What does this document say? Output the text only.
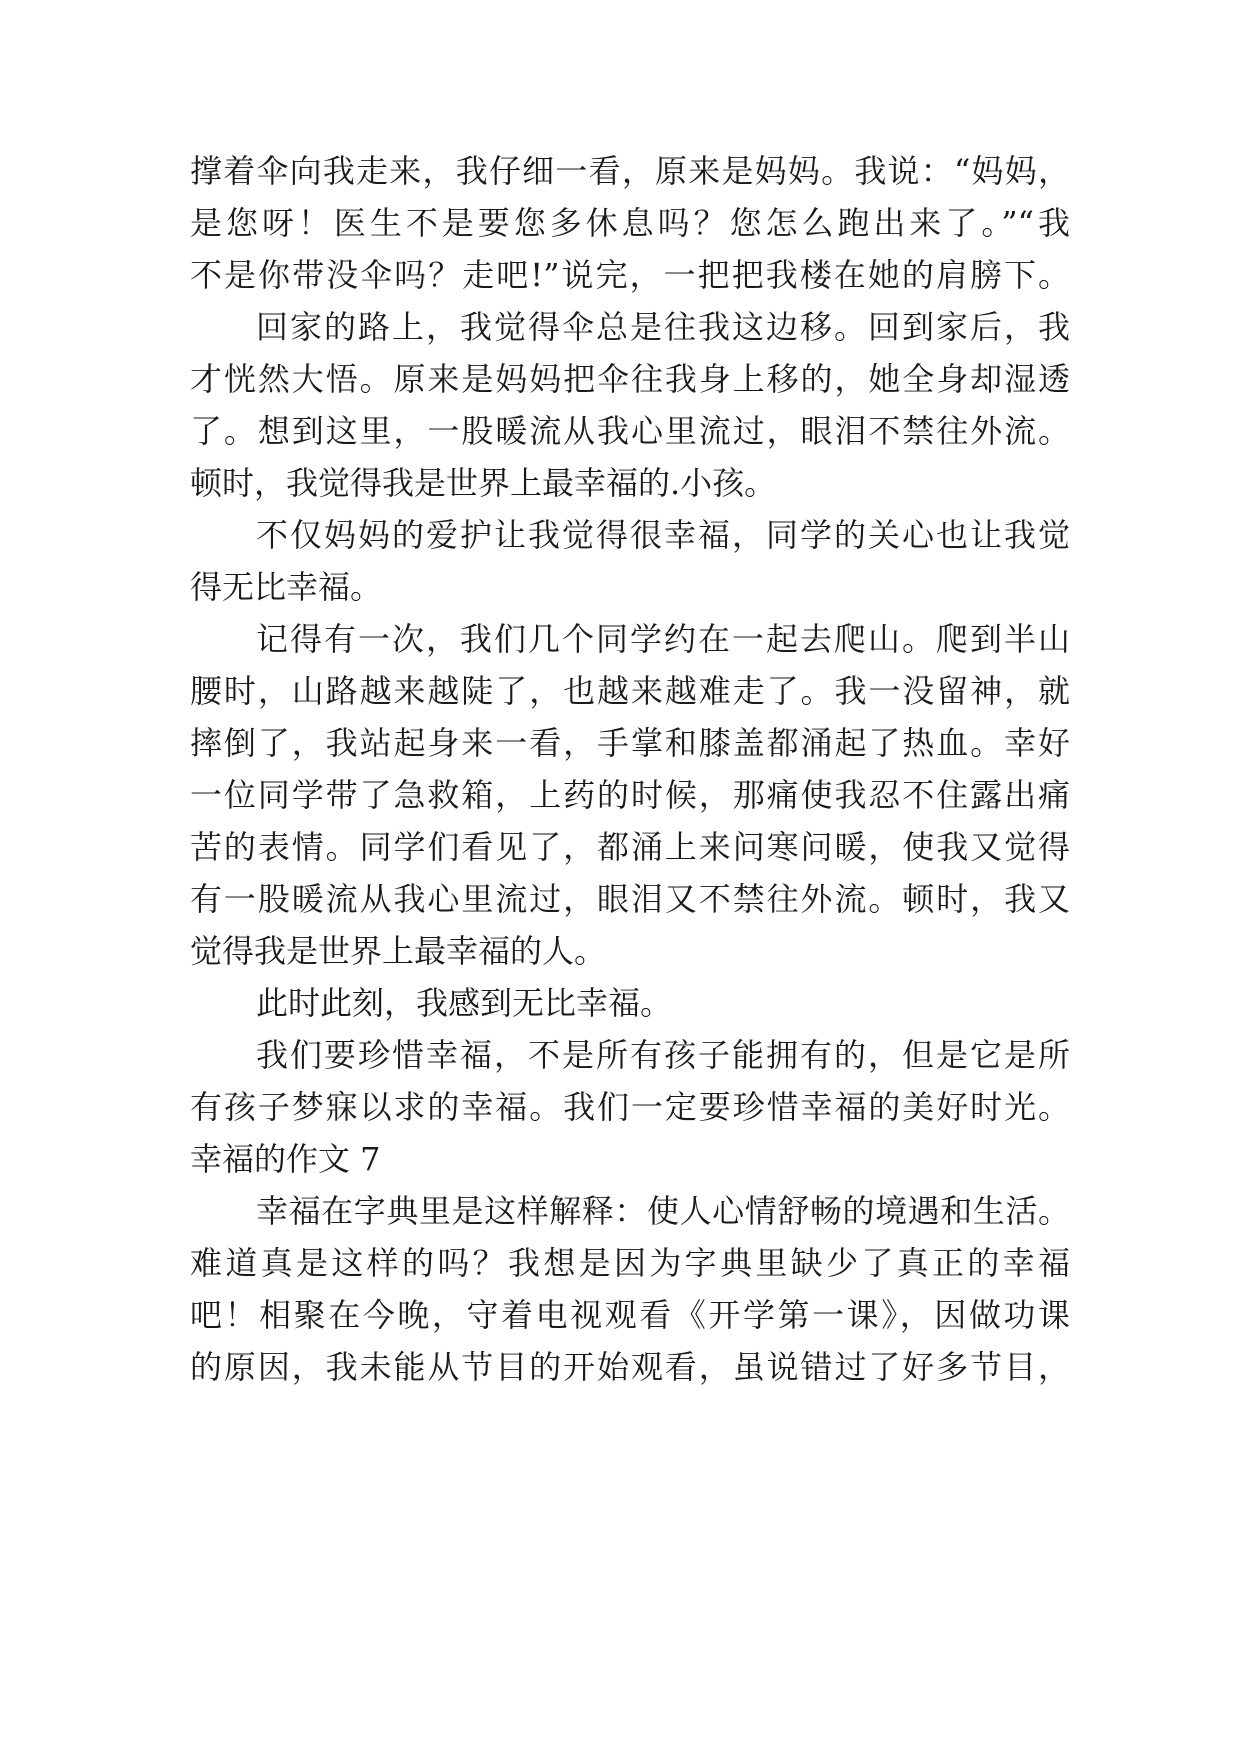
撑着伞向我走来，我仔细一看，原来是妈妈。我说：“妈妈，
是您呀！医生不是要您多休息吗？您怎么跑出来了。”“我
不是你带没伞吗？走吧!”说完，一把把我楼在她的肩膀下。
回家的路上，我觉得伞总是往我这边移。回到家后，我
才恍然大悟。原来是妈妈把伞往我身上移的，她全身却湿透
了。想到这里，一股暖流从我心里流过，眼泪不禁往外流。
顿时，我觉得我是世界上最幸福的.小孩。
不仅妈妈的爱护让我觉得很幸福，同学的关心也让我觉
得无比幸福。
记得有一次，我们几个同学约在一起去爬山。爬到半山
腰时，山路越来越陡了，也越来越难走了。我一没留神，就
摔倒了，我站起身来一看，手掌和膝盖都涌起了热血。幸好
一位同学带了急救箱，上药的时候，那痛使我忍不住露出痛
苦的表情。同学们看见了，都涌上来问寒问暖，使我又觉得
有一股暖流从我心里流过，眼泪又不禁往外流。顿时，我又
觉得我是世界上最幸福的人。
此时此刻，我感到无比幸福。
我们要珍惜幸福，不是所有孩子能拥有的，但是它是所
有孩子梦寐以求的幸福。我们一定要珍惜幸福的美好时光。
幸福的作文 7
幸福在字典里是这样解释：使人心情舒畅的境遇和生活。
难道真是这样的吗？我想是因为字典里缺少了真正的幸福
吧！相聚在今晚，守着电视观看《开学第一课》，因做功课
的原因，我未能从节目的开始观看，虽说错过了好多节目，
